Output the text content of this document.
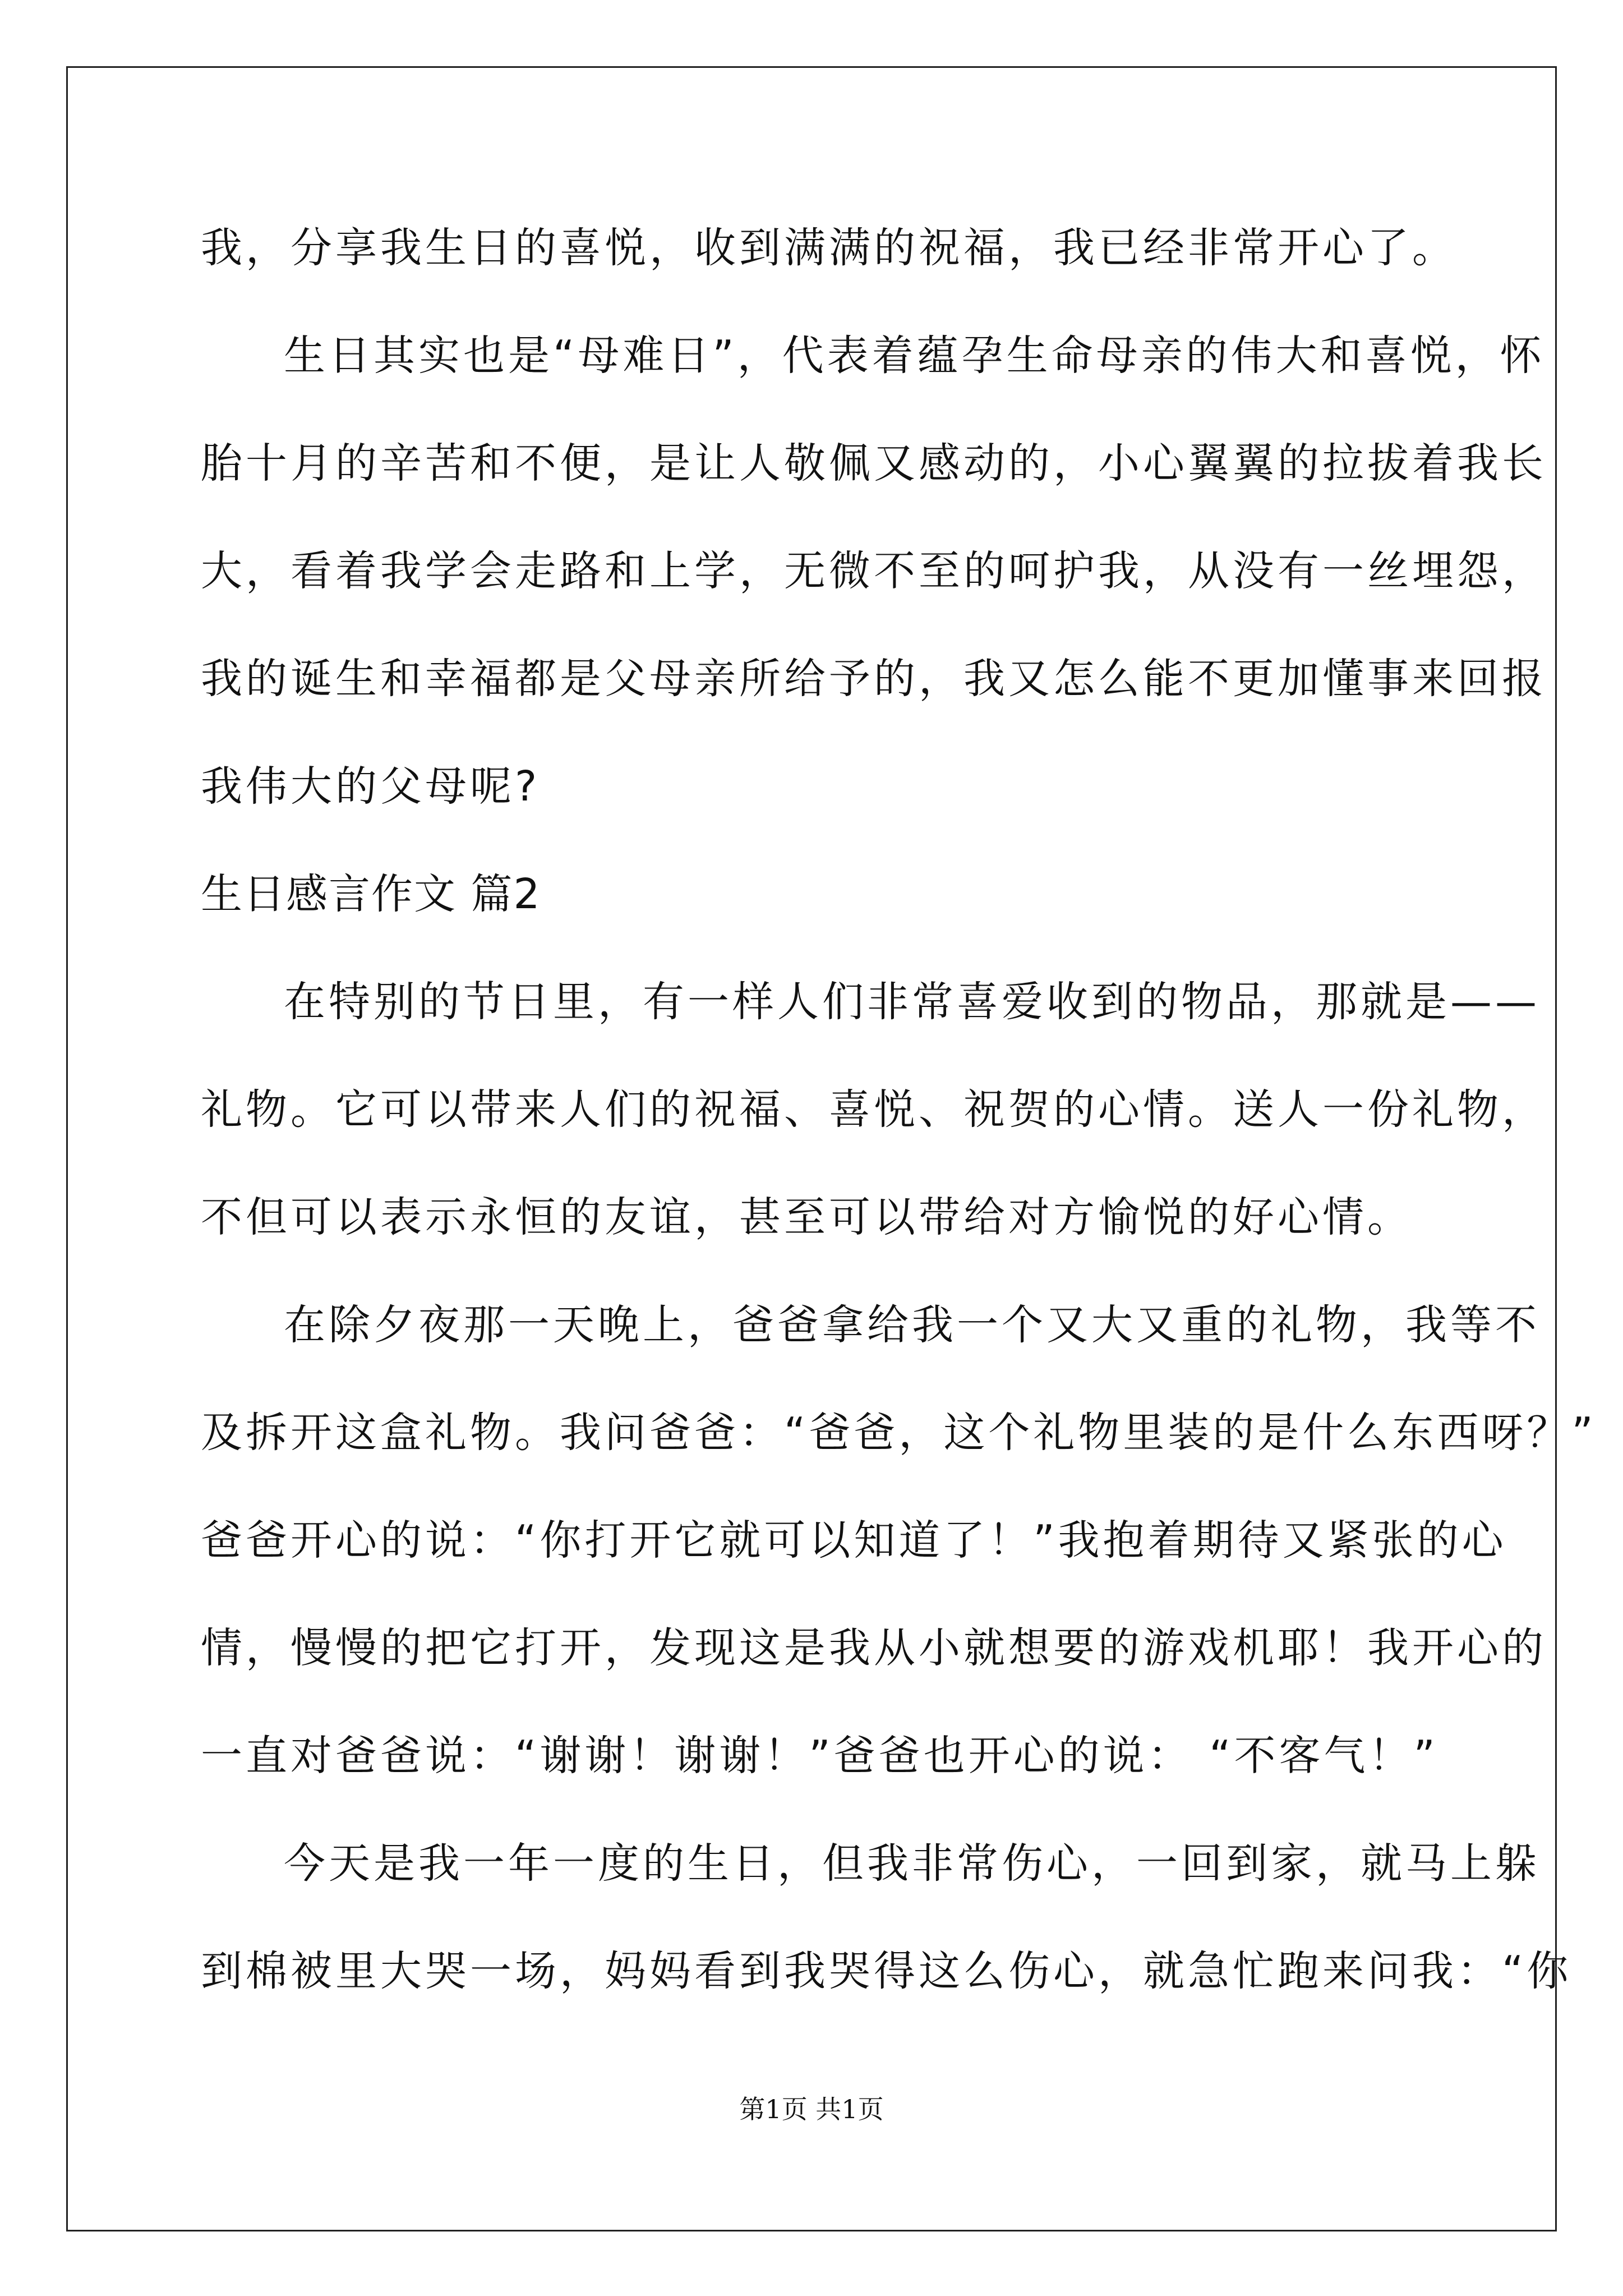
我，分享我生日的喜悦，收到满满的祝福，我已经非常开心了。
生日其实也是“母难日”，代表着蕴孕生命母亲的伟大和喜悦，怀
胎十月的辛苦和不便，是让人敬佩又感动的，小心翼翼的拉拔着我长
大，看着我学会走路和上学，无微不至的呵护我，从没有一丝埋怨，
我的诞生和幸福都是父母亲所给予的，我又怎么能不更加懂事来回报
我伟大的父母呢?
生日感言作文 篇2
在特别的节日里，有一样人们非常喜爱收到的物品，那就是——
礼物。它可以带来人们的祝福、喜悦、祝贺的心情。送人一份礼物，
不但可以表示永恒的友谊，甚至可以带给对方愉悦的好心情。
在除夕夜那一天晚上，爸爸拿给我一个又大又重的礼物，我等不
及拆开这盒礼物。我问爸爸：“爸爸，这个礼物里装的是什么东西呀？”
爸爸开心的说：“你打开它就可以知道了！”我抱着期待又紧张的心
情，慢慢的把它打开，发现这是我从小就想要的游戏机耶！我开心的
一直对爸爸说：“谢谢！谢谢！”爸爸也开心的说： “不客气！”
今天是我一年一度的生日，但我非常伤心，一回到家，就马上躲
到棉被里大哭一场，妈妈看到我哭得这么伤心，就急忙跑来问我：“你
第1页 共1页
